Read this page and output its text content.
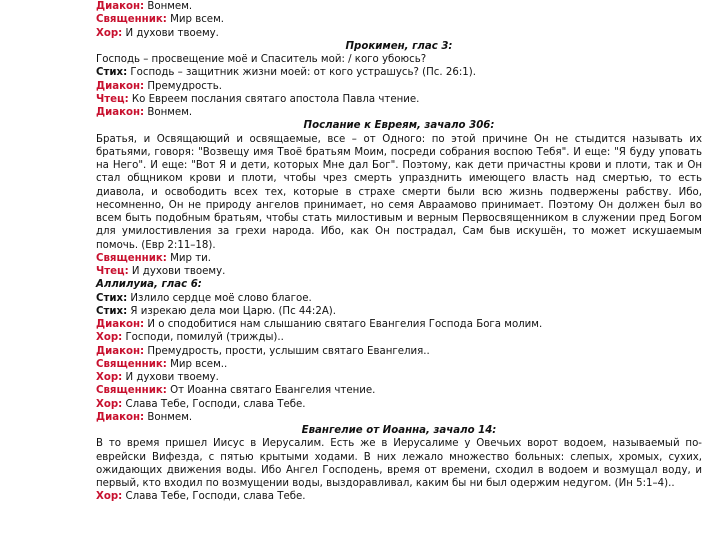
Диакон: Вонмем.
Священник: Мир всем.
Хор: И духови твоему.
Прокимен, глас 3:
Господь – просвещение моё и Спаситель мой: / кого убоюсь?
Стих: Господь – защитник жизни моей: от кого устрашусь? (Пс. 26:1).
Диакон: Премудрость.
Чтец: Ко Евреем послания святаго апостола Павла чтение.
Диакон: Вонмем.
Послание к Евреям, зачало 306:
Братья, и Освящающий и освящаемые, все – от Одного: по этой причине Он не стыдится называть их братьями, говоря: "Возвещу имя Твоё братьям Моим, посреди собрания воспою Тебя". И еще: "Я буду уповать на Него". И еще: "Вот Я и дети, которых Мне дал Бог". Поэтому, как дети причастны крови и плоти, так и Он стал общником крови и плоти, чтобы чрез смерть упразднить имеющего власть над смертью, то есть диавола, и освободить всех тех, которые в страхе смерти были всю жизнь подвержены рабству. Ибо, несомненно, Он не природу ангелов принимает, но семя Авраамово принимает. Поэтому Он должен был во всем быть подобным братьям, чтобы стать милостивым и верным Первосвященником в служении пред Богом для умилостивления за грехи народа. Ибо, как Он пострадал, Сам быв искушён, то может искушаемым помочь. (Евр 2:11–18).
Священник: Мир ти.
Чтец: И духови твоему.
Аллилуиа, глас 6:
Стих: Излило сердце моё слово благое.
Стих: Я изрекаю дела мои Царю. (Пс 44:2А).
Диакон: И о сподобитися нам слышанию святаго Евангелия Господа Бога молим.
Хор: Господи, помилуй (трижды)..
Диакон: Премудрость, прости, услышим святаго Евангелия..
Священник: Мир всем..
Хор: И духови твоему.
Священник: От Иоанна святаго Евангелия чтение.
Хор: Слава Тебе, Господи, слава Тебе.
Диакон: Вонмем.
Евангелие от Иоанна, зачало 14:
В то время пришел Иисус в Иерусалим. Есть же в Иерусалиме у Овечьих ворот водоем, называемый по-еврейски Вифезда, с пятью крытыми ходами. В них лежало множество больных: слепых, хромых, сухих, ожидающих движения воды. Ибо Ангел Господень, время от времени, сходил в водоем и возмущал воду, и первый, кто входил по возмущении воды, выздоравливал, каким бы ни был одержим недугом. (Ин 5:1–4)..
Хор: Слава Тебе, Господи, слава Тебе.
